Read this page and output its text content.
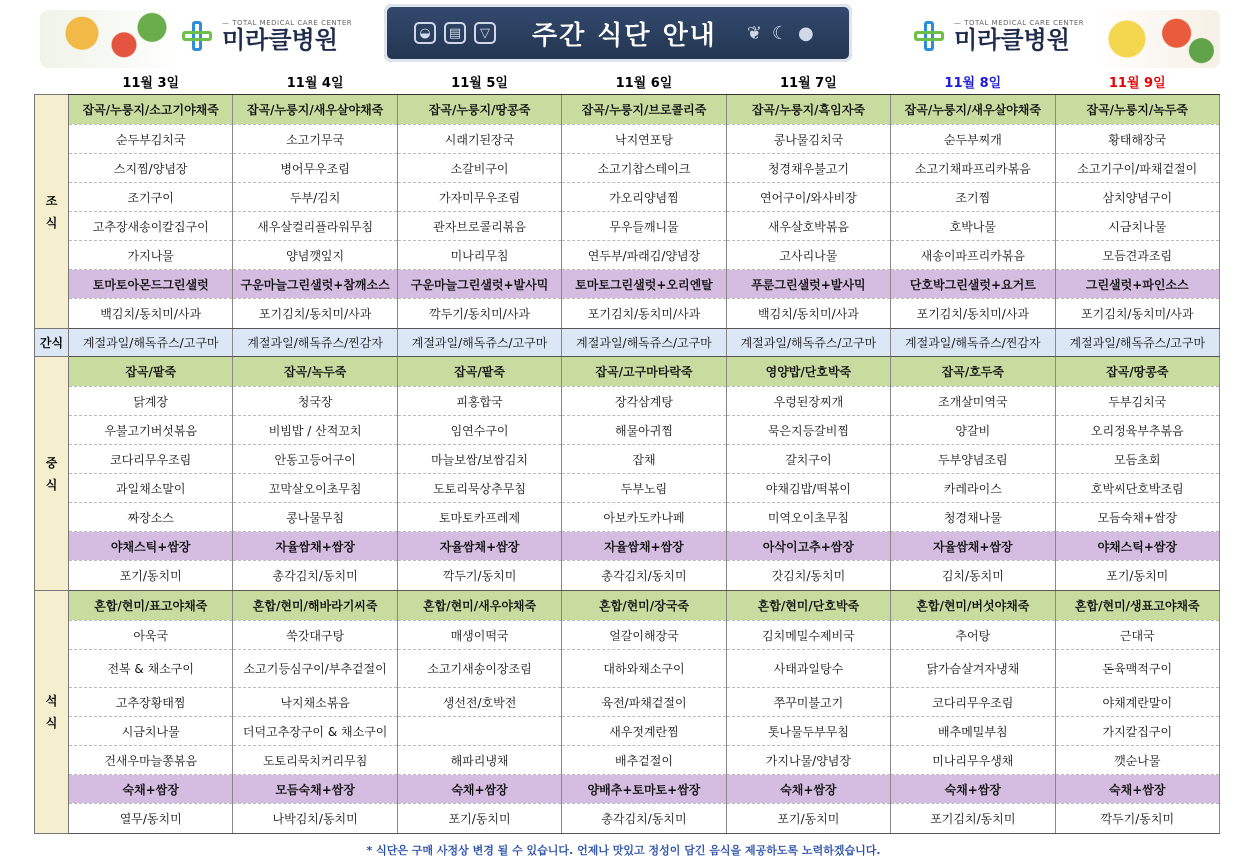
— TOTAL MEDICAL CARE CENTER
미라클병원	◒	▤	▽ 주간 식단 안내 ❦ ☾ ●	— TOTAL MEDICAL CARE CENTER
미라클병원
	11월 3일	11월 4일	11월 5일	11월 6일	11월 7일	11월 8일	11월 9일
조
식	잡곡/누룽지/소고기야채죽	잡곡/누룽지/새우살야채죽	잡곡/누룽지/땅콩죽	잡곡/누룽지/브로콜리죽	잡곡/누룽지/흑임자죽	잡곡/누룽지/새우살야채죽	잡곡/누룽지/녹두죽
	순두부김치국	소고기무국	시래기된장국	낙지연포탕	콩나물김치국	순두부찌개	황태해장국
	스지찜/양념장	병어무우조림	소갈비구이	소고기찹스테이크	청경채우불고기	소고기채파프리카볶음	소고기구이/파채겉절이
	조기구이	두부/김치	가자미무우조림	가오리양념찜	연어구이/와사비장	조기찜	삼치양념구이
	고추장새송이칼집구이	새우살컬리플라워무침	관자브로콜리볶음	무우들깨니물	새우살호박볶음	호박나물	시금치나물
	가지나물	양념깻잎지	미나리무침	연두부/파래김/양념장	고사리나물	새송이파프리카볶음	모듬견과조림
	토마토아몬드그린샐럿	구운마늘그린샐럿+참깨소스	구운마늘그린샐럿+발사믹	토마토그린샐럿+오리엔탈	푸룬그린샐럿+발사믹	단호박그린샐럿+요거트	그린샐럿+파인소스
	백김치/동치미/사과	포기김치/동치미/사과	깍두기/동치미/사과	포기김치/동치미/사과	백김치/동치미/사과	포기김치/동치미/사과	포기김치/동치미/사과
간식	계절과일/해독쥬스/고구마	계절과일/해독쥬스/찐감자	계절과일/해독쥬스/고구마	계절과일/해독쥬스/고구마	계절과일/해독쥬스/고구마	계절과일/해독쥬스/찐감자	계절과일/해독쥬스/고구마
중
식	잡곡/팥죽	잡곡/녹두죽	잡곡/팥죽	잡곡/고구마타락죽	영양밥/단호박죽	잡곡/호두죽	잡곡/땅콩죽
	닭계장	청국장	피홍합국	장각삼계탕	우렁된장찌개	조개살미역국	두부김치국
	우불고기버섯볶음	비빔밥 / 산적꼬치	임연수구이	해물아귀찜	묵은지등갈비찜	양갈비	오리정육부추볶음
	코다리무우조림	안동고등어구이	마늘보쌈/보쌈김치	잡채	갈치구이	두부양념조림	모듬초회
	과일채소말이	꼬막살오이초무침	도토리묵상추무침	두부노림	야채김밥/떡볶이	카레라이스	호박씨단호박조림
	짜장소스	콩나물무침	토마토카프레제	아보카도카나페	미역오이초무침	청경채나물	모듬숙채+쌈장
	야채스틱+쌈장	자율쌈채+쌈장	자율쌈채+쌈장	자율쌈채+쌈장	아삭이고추+쌈장	자율쌈채+쌈장	야채스틱+쌈장
	포기/동치미	총각김치/동치미	깍두기/동치미	총각김치/동치미	갓김치/동치미	김치/동치미	포기/동치미
석
식	혼합/현미/표고야채죽	혼합/현미/해바라기씨죽	혼합/현미/새우야채죽	혼합/현미/장국죽	혼합/현미/단호박죽	혼합/현미/버섯야채죽	혼합/현미/생표고야채죽
	아욱국	쑥갓대구탕	매생이떡국	얼갈이해장국	김치메밀수제비국	추어탕	근대국
	전복 & 채소구이	소고기등심구이/부추겉절이	소고기새송이장조림	대하와채소구이	사태과일탕수	닭가슴살겨자냉채	돈육맥적구이
	고추장황태찜	낙지채소볶음	생선전/호박전	육전/파채겉절이	쭈꾸미불고기	코다리무우조림	야채계란말이
	시금치나물	더덕고추장구이 & 채소구이		새우젓계란찜	톳나물두부무침	배추메밀부침	가지칼집구이
	건새우마늘쫑볶음	도토리묵치커리무침	해파리냉채	배추겉절이	가지나물/양념장	미나리무우생채	깻순나물
	숙채+쌈장	모듬숙채+쌈장	숙채+쌈장	양배추+토마토+쌈장	숙채+쌈장	숙채+쌈장	숙채+쌈장
	열무/동치미	나박김치/동치미	포기/동치미	총각김치/동치미	포기/동치미	포기김치/동치미	깍두기/동치미
* 식단은 구매 사정상 변경 될 수 있습니다. 언제나 맛있고 정성이 담긴 음식을 제공하도록 노력하겠습니다.
